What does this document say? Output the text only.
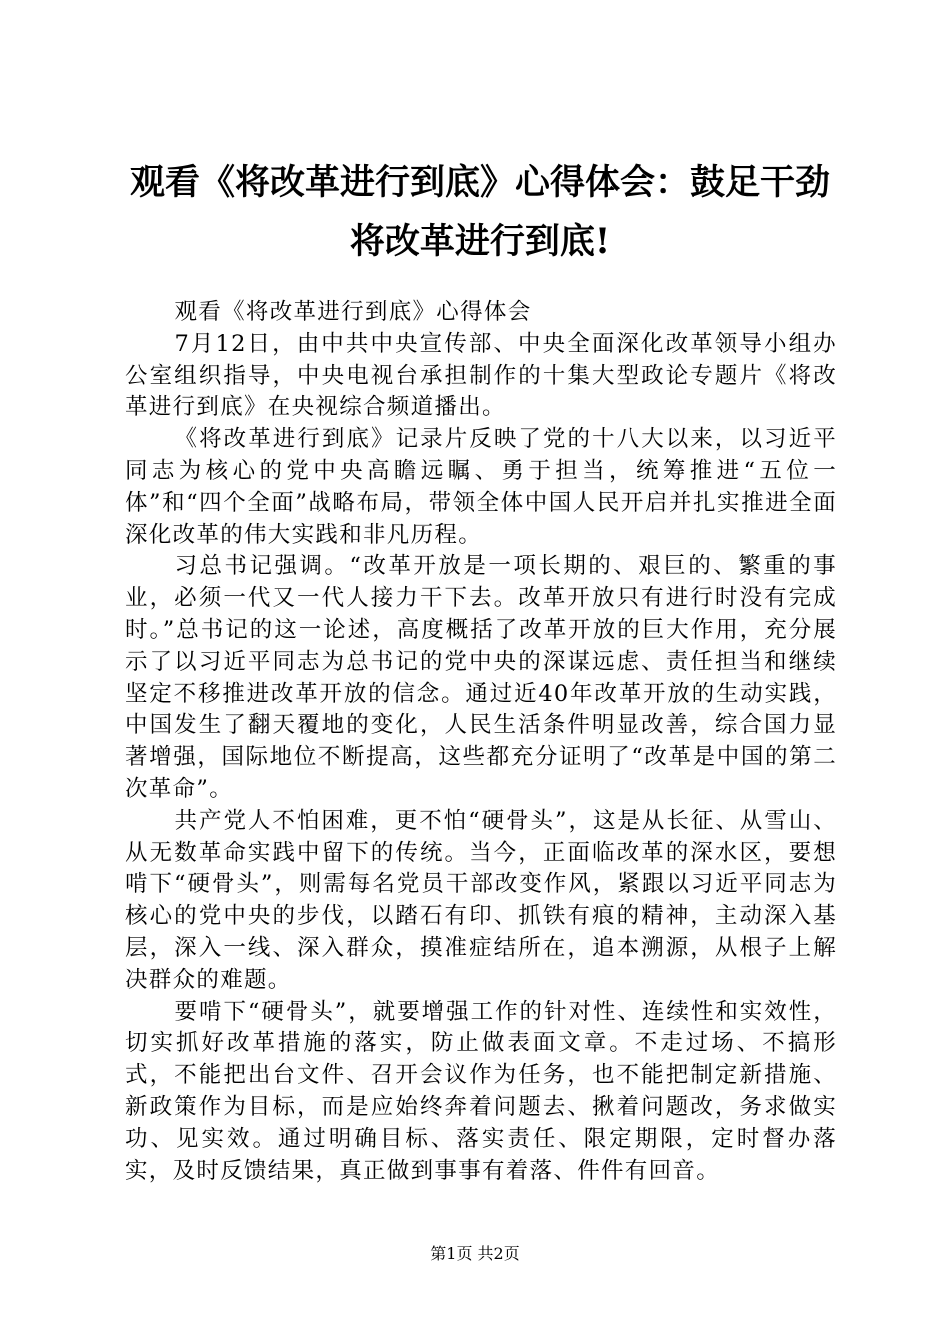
观看《将改革进行到底》心得体会：鼓足干劲
将改革进行到底!

观看《将改革进行到底》心得体会

7月12日，由中共中央宣传部、中央全面深化改革领导小组办公室组织指导，中央电视台承担制作的十集大型政论专题片《将改革进行到底》在央视综合频道播出。

《将改革进行到底》记录片反映了党的十八大以来，以习近平同志为核心的党中央高瞻远瞩、勇于担当，统筹推进“五位一体”和“四个全面”战略布局，带领全体中国人民开启并扎实推进全面深化改革的伟大实践和非凡历程。

习总书记强调。“改革开放是一项长期的、艰巨的、繁重的事业，必须一代又一代人接力干下去。改革开放只有进行时没有完成时。”总书记的这一论述，高度概括了改革开放的巨大作用，充分展示了以习近平同志为总书记的党中央的深谋远虑、责任担当和继续坚定不移推进改革开放的信念。通过近40年改革开放的生动实践，中国发生了翻天覆地的变化，人民生活条件明显改善，综合国力显著增强，国际地位不断提高，这些都充分证明了“改革是中国的第二次革命”。

共产党人不怕困难，更不怕“硬骨头”，这是从长征、从雪山、从无数革命实践中留下的传统。当今，正面临改革的深水区，要想啃下“硬骨头”，则需每名党员干部改变作风，紧跟以习近平同志为核心的党中央的步伐，以踏石有印、抓铁有痕的精神，主动深入基层，深入一线、深入群众，摸准症结所在，追本溯源，从根子上解决群众的难题。

要啃下“硬骨头”，就要增强工作的针对性、连续性和实效性，切实抓好改革措施的落实，防止做表面文章。不走过场、不搞形式，不能把出台文件、召开会议作为任务，也不能把制定新措施、新政策作为目标，而是应始终奔着问题去、揪着问题改，务求做实功、见实效。通过明确目标、落实责任、限定期限，定时督办落实，及时反馈结果，真正做到事事有着落、件件有回音。

第1页 共2页
